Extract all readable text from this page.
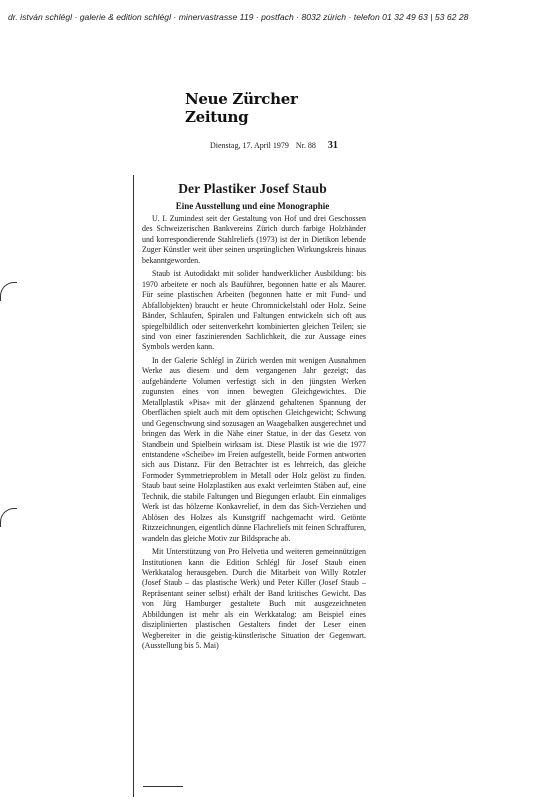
dr. istván schlégl · galerie & edition schlégl · minervastrasse 119 · postfach · 8032 zürich · telefon 01 32 49 63 | 53 62 28
Neue Zürcher Zeitung
Dienstag, 17. April 1979 Nr. 88 31
Der Plastiker Josef Staub
Eine Ausstellung und eine Monographie

U. I. Zumindest seit der Gestaltung von Hof und drei Geschossen des Schweizerischen Bankvereins Zürich durch farbige Holzbänder und korrespondierende Stahlreliefs (1973) ist der in Dietikon lebende Zuger Künstler weit über seinen ursprünglichen Wirkungskreis hinaus bekanntgeworden.

Staub ist Autodidakt mit solider handwerklicher Ausbildung: bis 1970 arbeitete er noch als Bauführer, begonnen hatte er als Maurer. Für seine plastischen Arbeiten (begonnen hatte er mit Fund- und Abfallobjekten) braucht er heute Chromnickelstahl oder Holz. Seine Bänder, Schlaufen, Spiralen und Faltungen entwickeln sich oft aus spiegelbildlich oder seitenverkehrt kombinierten gleichen Teilen; sie sind von einer faszinierenden Sachlichkeit, die zur Aussage eines Symbols werden kann.

In der Galerie Schlégl in Zürich werden mit wenigen Ausnahmen Werke aus diesem und dem vergangenen Jahr gezeigt; das aufgebänderte Volumen verfestigt sich in den jüngsten Werken zugunsten eines von innen bewegten Gleichgewichtes. Die Metallplastik «Pisa» mit der glänzend gehaltenen Spannung der Oberflächen spielt auch mit dem optischen Gleichgewicht; Schwung und Gegenschwung sind sozusagen an Waagebalken ausgerechnet und bringen das Werk in die Nähe einer Statue, in der das Gesetz von Standbein und Spielbein wirksam ist. Diese Plastik ist wie die 1977 entstandene «Scheibe» im Freien aufgestellt, beide Formen antworten sich aus Distanz. Für den Betrachter ist es lehrreich, das gleiche Formoder Symmetrieproblem in Metall oder Holz gelöst zu finden. Staub baut seine Holzplastiken aus exakt verleimten Stäben auf, eine Technik, die stabile Faltungen und Biegungen erlaubt. Ein einmaliges Werk ist das hölzerne Konkavrelief, in dem das Sich-Verziehen und Ablösen des Holzes als Kunstgriff nachgemacht wird. Getönte Ritzzeichnungen, eigentlich dünne Flachreliefs mit feinen Schraffuren, wandeln das gleiche Motiv zur Bildsprache ab.

Mit Unterstützung von Pro Helvetia und weiteren gemeinnützigen Institutionen kann die Edition Schlégl für Josef Staub einen Werkkatalog herausgeben. Durch die Mitarbeit von Willy Rotzler (Josef Staub – das plastische Werk) und Peter Killer (Josef Staub – Repräsentant seiner selbst) erhält der Band kritisches Gewicht. Das von Jürg Hamburger gestaltete Buch mit ausgezeichneten Abbildungen ist mehr als ein Werkkatalog: am Beispiel eines disziplinierten plastischen Gestalters findet der Leser einen Wegbereiter in die geistig-künstlerische Situation der Gegenwart. (Ausstellung bis 5. Mai)
